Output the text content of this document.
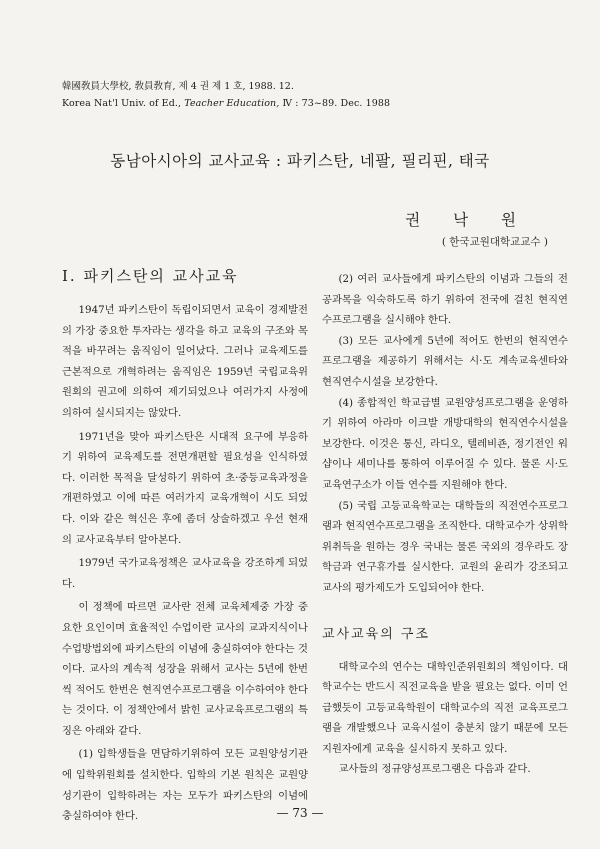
韓國敎員大學校, 敎員敎育, 제 4 권 제 1 호, 1988. 12.
Korea Nat'l Univ. of Ed., Teacher Education, Ⅳ : 73~89. Dec. 1988
동남아시아의 교사교육 : 파키스탄, 네팔, 필리핀, 태국
권 낙 원
( 한국교원대학교교수 )

Ⅰ. 파키스탄의 교사교육

1947년 파키스탄이 독립이되면서 교육이 경제발전의 가장 중요한 투자라는 생각을 하고 교육의 구조와 목적을 바꾸려는 움직임이 일어났다. 그러나 교육제도를 근본적으로 개혁하려는 움직임은 1959년 국립교육위원회의 권고에 의하여 제기되었으나 여러가지 사정에 의하여 실시되지는 않았다.

1971년을 맞아 파키스탄은 시대적 요구에 부응하기 위하여 교육제도를 전면개편할 필요성을 인식하였다. 이러한 목적을 달성하기 위하여 초·중등교육과정을 개편하였고 이에 따른 여러가지 교육개혁이 시도 되었다. 이와 같은 혁신은 후에 좀더 상술하겠고 우선 현재의 교사교육부터 알아본다.

1979년 국가교육정책은 교사교육을 강조하게 되었다.

이 정책에 따르면 교사란 전체 교육체제중 가장 중요한 요인이며 효율적인 수업이란 교사의 교과지식이나 수업방법외에 파키스탄의 이념에 충실하여야 한다는 것이다. 교사의 계속적 성장을 위해서 교사는 5년에 한번씩 적어도 한번은 현직연수프로그램을 이수하여야 한다는 것이다. 이 정책안에서 밝힌 교사교육프로그램의 특징은 아래와 같다.

(1) 입학생들을 면담하기위하여 모든 교원양성기관에 입학위원회를 설치한다. 입학의 기본 원칙은 교원양성기관이 입학하려는 자는 모두가 파키스탄의 이념에 충실하여야 한다.

(2) 여러 교사들에게 파키스탄의 이념과 그들의 전공과목을 익숙하도록 하기 위하여 전국에 걸친 현직연수프로그램을 실시해야 한다.

(3) 모든 교사에게 5년에 적어도 한번의 현직연수프로그램을 제공하기 위해서는 시·도 계속교육센타와 현직연수시설을 보강한다.

(4) 종합적인 학교급별 교원양성프로그램을 운영하기 위하여 아라마 이크발 개방대학의 현직연수시설을 보강한다. 이것은 통신, 라디오, 텔레비죤, 정기전인 워샵이나 세미나를 통하여 이루어질 수 있다. 물론 시·도교육연구소가 이들 연수를 지원해야 한다.

(5) 국립 고등교육학교는 대학들의 직전연수프로그램과 현직연수프로그램을 조직한다. 대학교수가 상위학위취득을 원하는 경우 국내는 물론 국외의 경우라도 장학금과 연구휴가를 실시한다. 교원의 윤리가 강조되고 교사의 평가제도가 도입되어야 한다.

교사교육의 구조

대학교수의 연수는 대학인준위원회의 책임이다. 대학교수는 반드시 직전교육을 받을 필요는 없다. 이미 언급했듯이 고등교육학원이 대학교수의 직전 교육프로그램을 개발했으나 교육시설이 충분치 않기 때문에 모든 지원자에게 교육을 실시하지 못하고 있다.

교사들의 정규양성프로그램은 다음과 같다.

— 73 —
